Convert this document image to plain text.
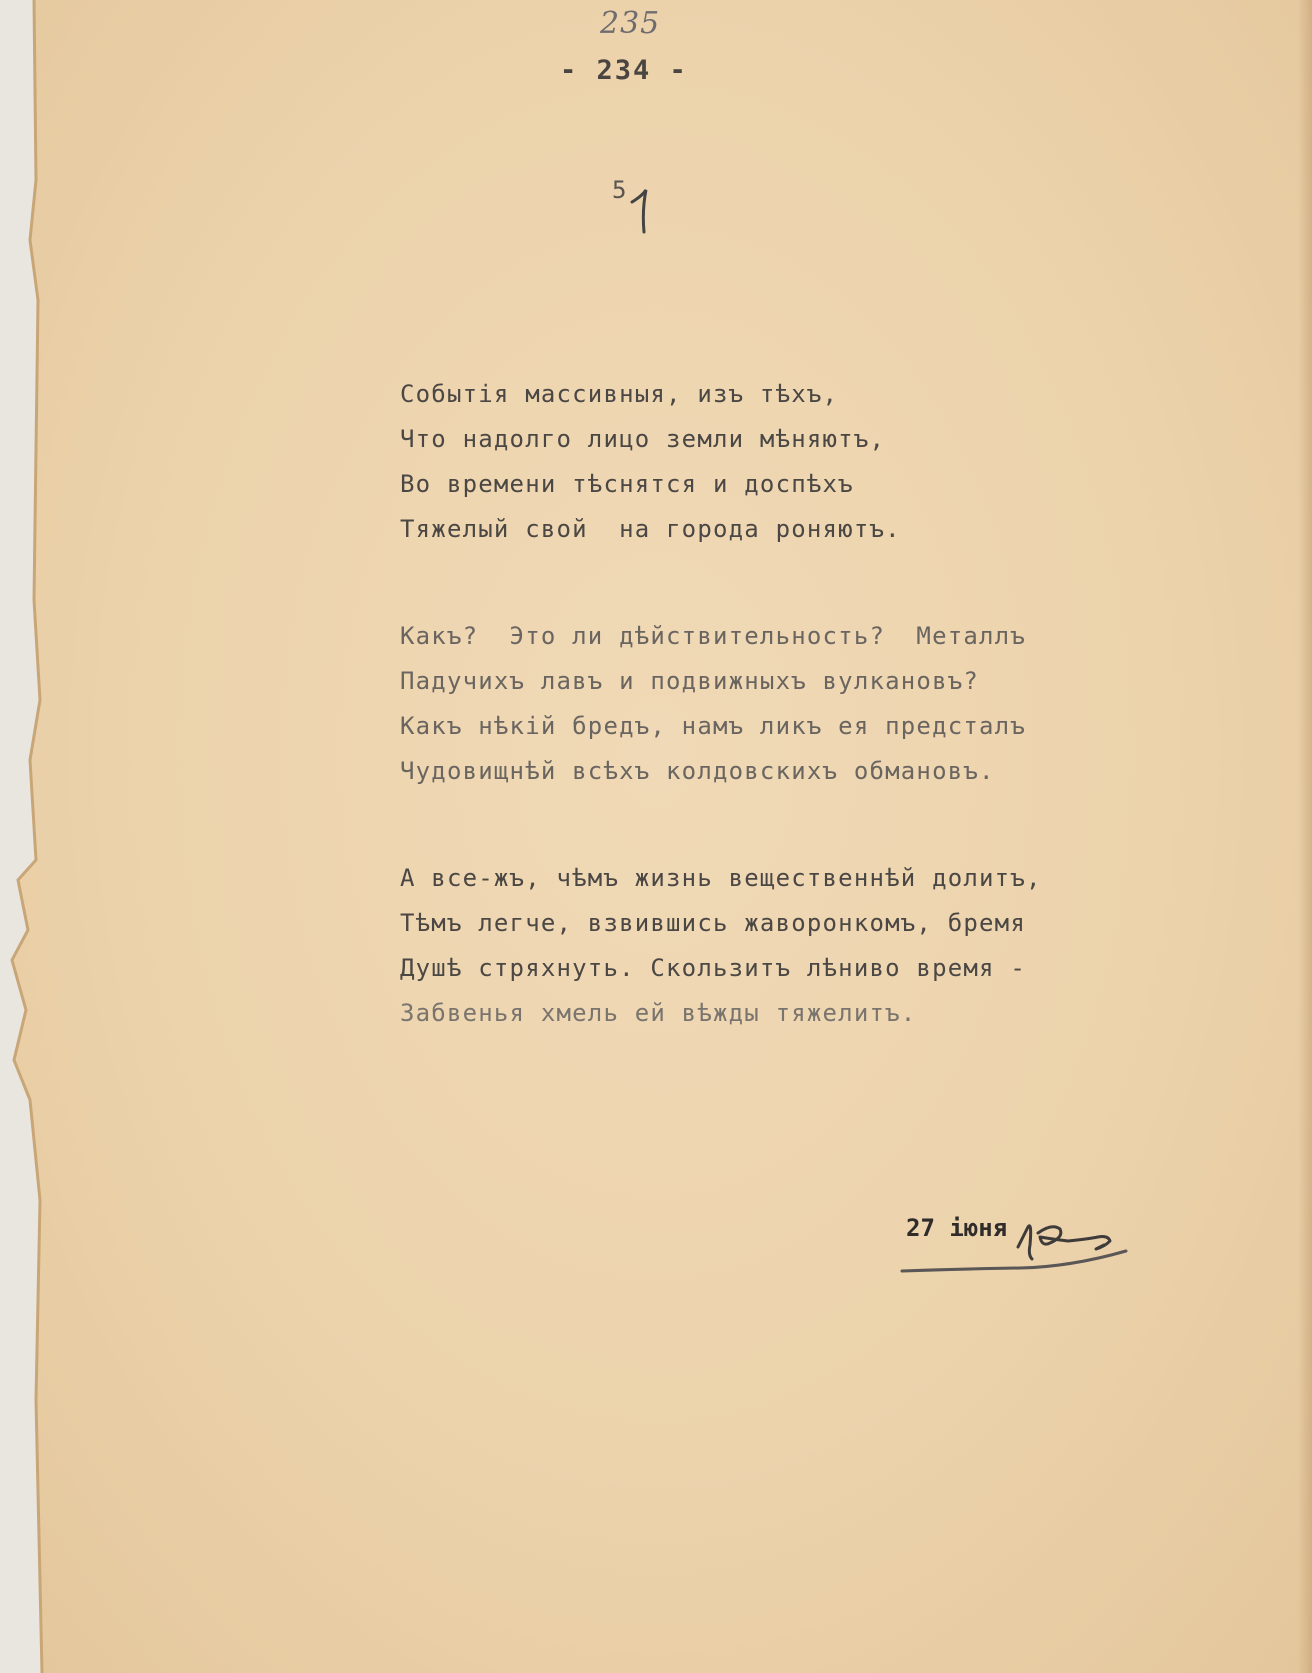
235
- 234 -
5
Событія массивныя, изъ тѣхъ,
Что надолго лицо земли мѣняютъ,
Во времени тѣснятся и доспѣхъ
Тяжелый свой  на города роняютъ.
Какъ?  Это ли дѣйствительность?  Металлъ
Падучихъ лавъ и подвижныхъ вулкановъ?
Какъ нѣкій бредъ, намъ ликъ ея предсталъ
Чудовищнѣй всѣхъ колдовскихъ обмановъ.
А все-жъ, чѣмъ жизнь вещественнѣй долитъ,
Тѣмъ легче, взвившись жаворонкомъ, бремя
Душѣ стряхнуть. Скользитъ лѣниво время -
Забвенья хмель ей вѣжды тяжелитъ.
27 іюня
